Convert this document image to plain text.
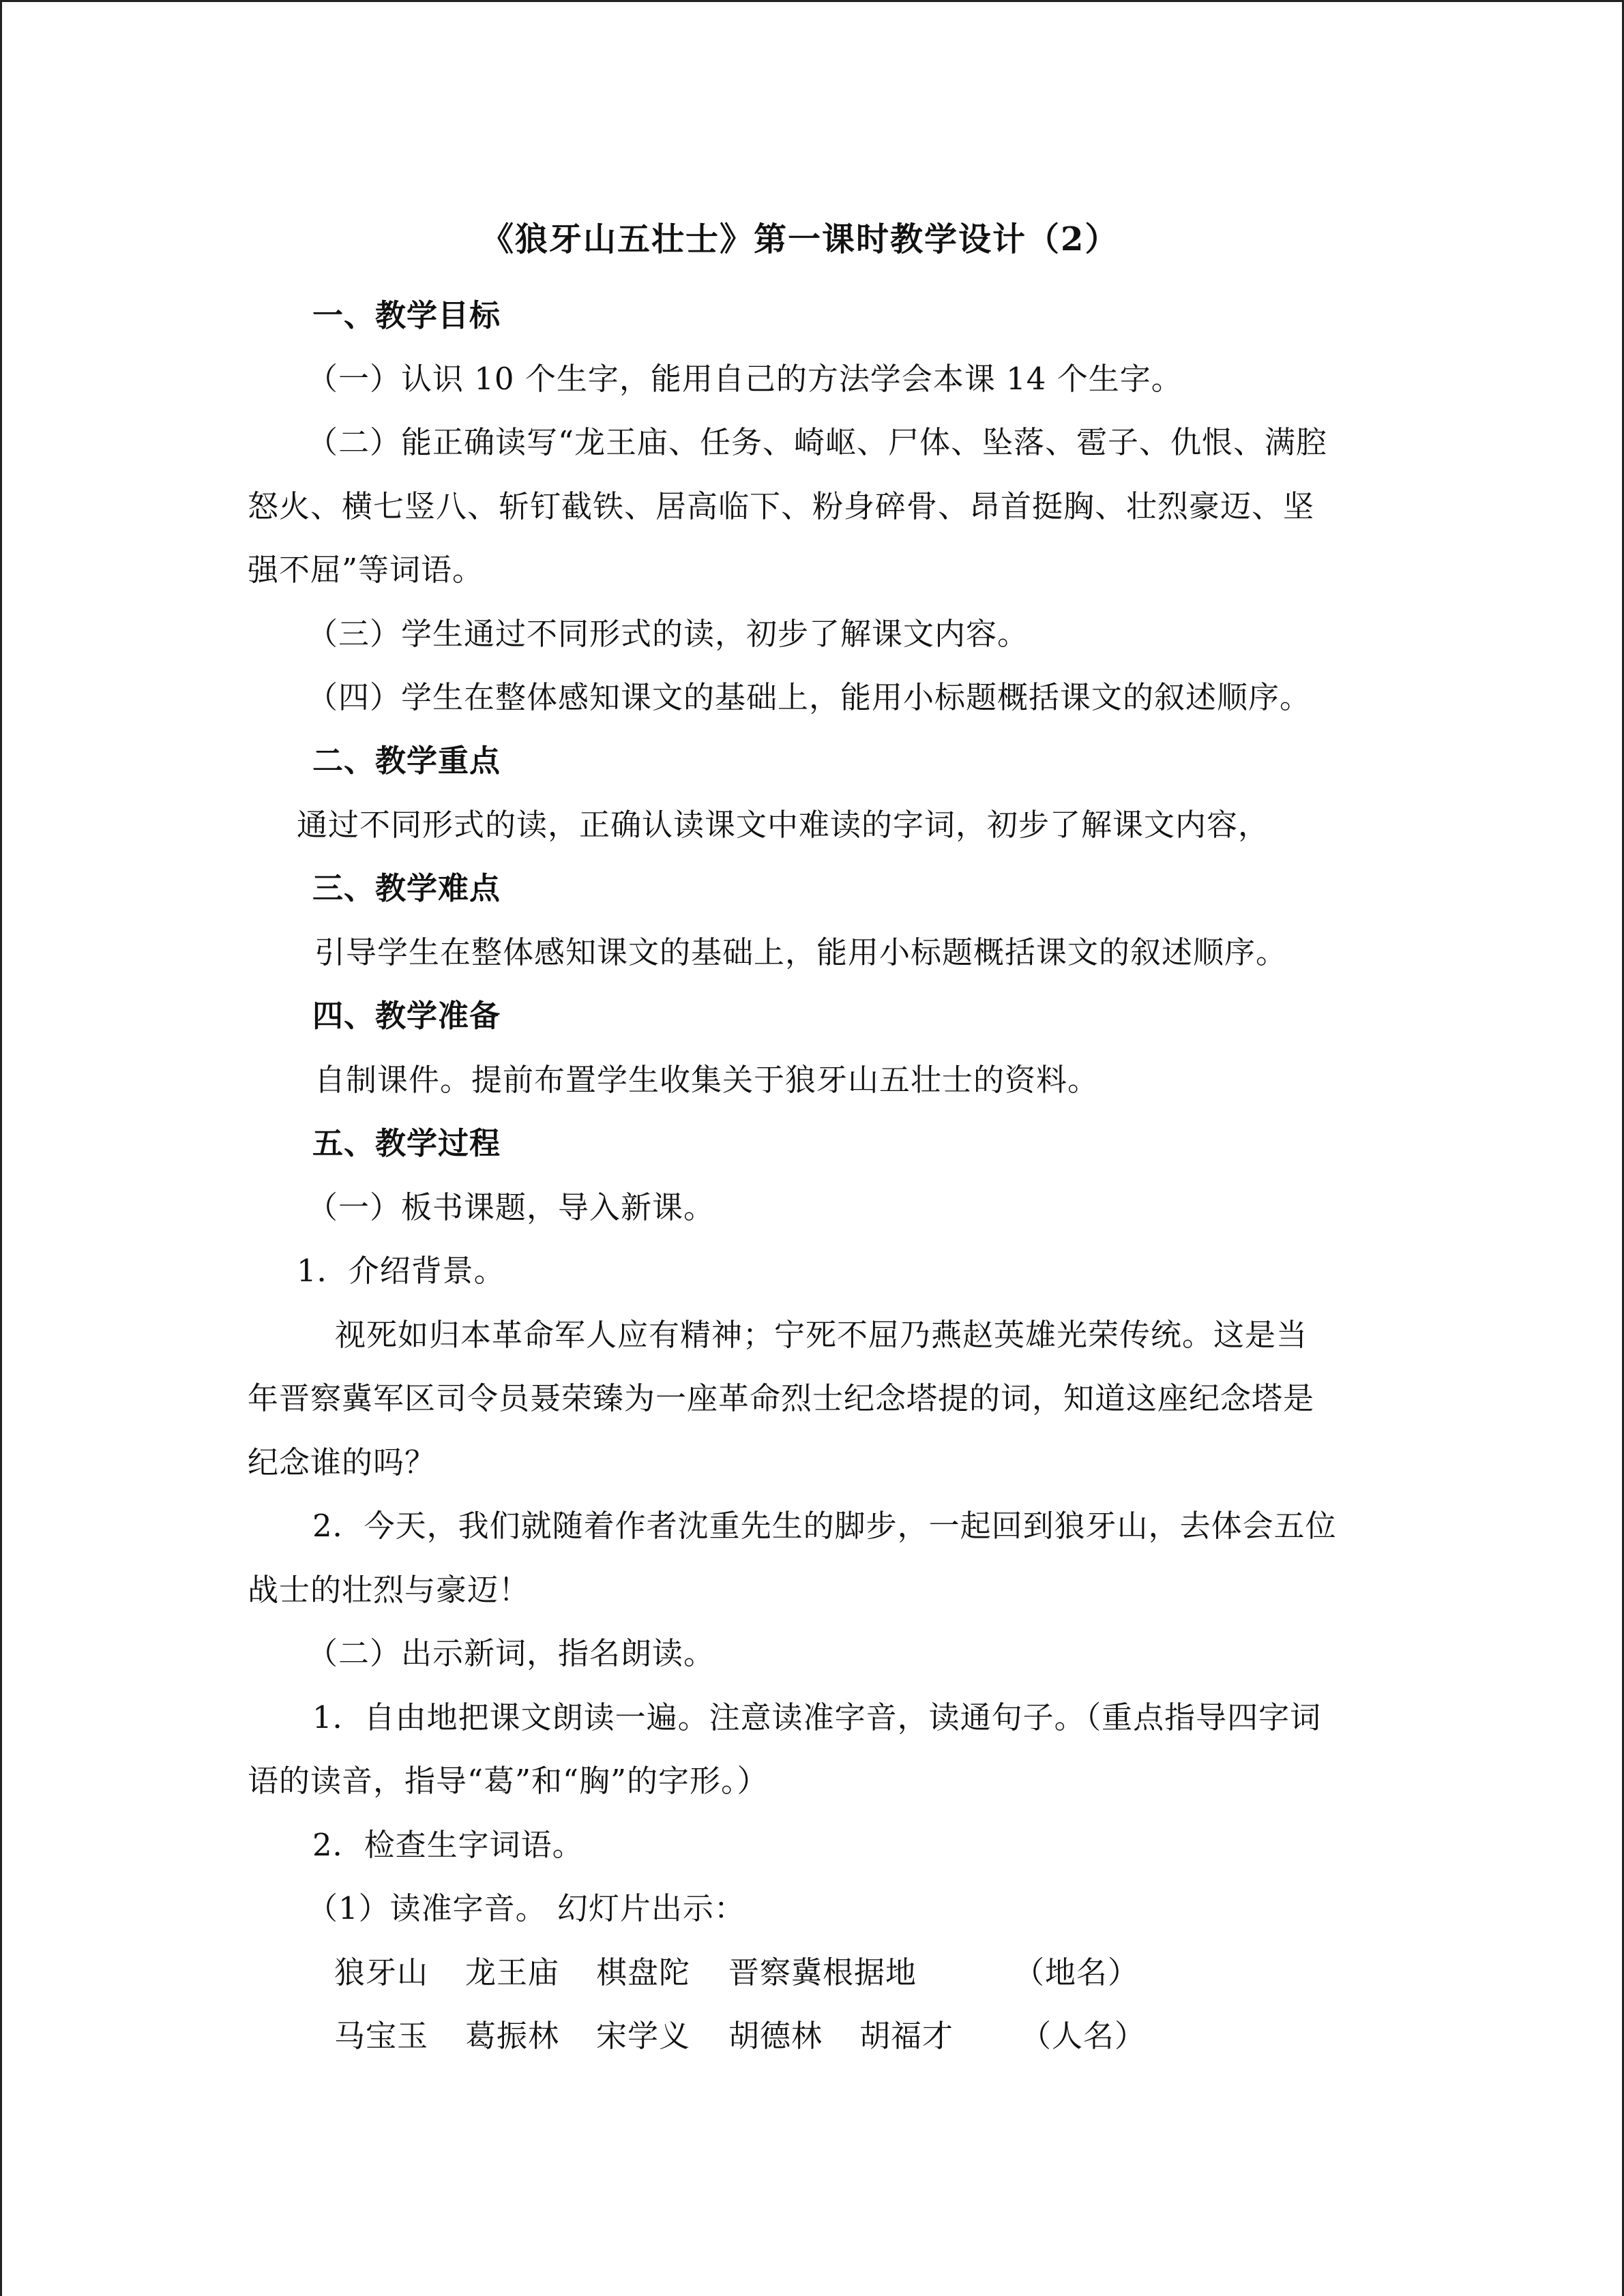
《狼牙山五壮士》第一课时教学设计（2）
一、教学目标
（一）认识 10 个生字，能用自己的方法学会本课 14 个生字。
（二）能正确读写“龙王庙、任务、崎岖、尸体、坠落、雹子、仇恨、满腔
怒火、横七竖八、斩钉截铁、居高临下、粉身碎骨、昂首挺胸、壮烈豪迈、坚
强不屈”等词语。
（三）学生通过不同形式的读，初步了解课文内容。
（四）学生在整体感知课文的基础上，能用小标题概括课文的叙述顺序。
二、教学重点
通过不同形式的读，正确认读课文中难读的字词，初步了解课文内容，
三、教学难点
引导学生在整体感知课文的基础上，能用小标题概括课文的叙述顺序。
四、教学准备
自制课件。提前布置学生收集关于狼牙山五壮士的资料。
五、教学过程
（一）板书课题，导入新课。
1．介绍背景。
视死如归本革命军人应有精神；宁死不屈乃燕赵英雄光荣传统。这是当
年晋察冀军区司令员聂荣臻为一座革命烈士纪念塔提的词，知道这座纪念塔是
纪念谁的吗？
2．今天，我们就随着作者沈重先生的脚步，一起回到狼牙山，去体会五位
战士的壮烈与豪迈！
（二）出示新词，指名朗读。
1．自由地把课文朗读一遍。注意读准字音，读通句子。（重点指导四字词
语的读音，指导“葛”和“胸”的字形。）
2．检查生字词语。
（1）读准字音。 幻灯片出示：
狼牙山 龙王庙 棋盘陀 晋察冀根据地	（地名）
马宝玉 葛振林 宋学义 胡德林 胡福才 （人名）
